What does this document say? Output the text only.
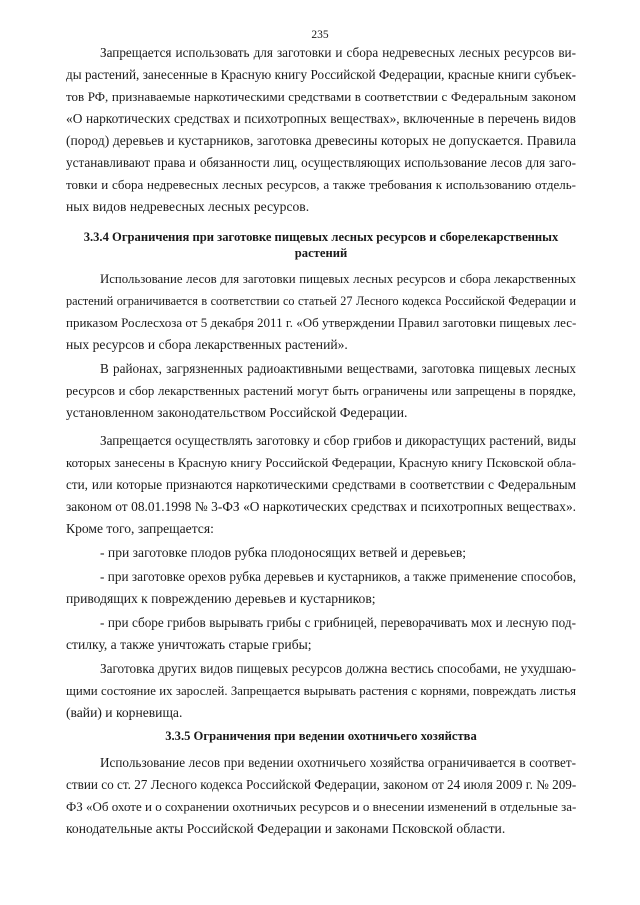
235
Запрещается использовать для заготовки и сбора недревесных лесных ресурсов ви-
ды растений, занесенные в Красную книгу Российской Федерации, красные книги субъек-
тов РФ, признаваемые наркотическими средствами в соответствии с Федеральным законом
«О наркотических средствах и психотропных веществах», включенные в перечень видов
(пород) деревьев и кустарников, заготовка древесины которых не допускается. Правила
устанавливают права и обязанности лиц, осуществляющих использование лесов для заго-
товки и сбора недревесных лесных ресурсов, а также требования к использованию отдель-
ных видов недревесных лесных ресурсов.
3.3.4 Ограничения при заготовке пищевых лесных ресурсов и сборелекарственных
растений
Использование лесов для заготовки пищевых лесных ресурсов и сбора лекарственных
растений ограничивается в соответствии со статьей 27 Лесного кодекса Российской Федерации и
приказом Рослесхоза от 5 декабря 2011 г. «Об утверждении Правил заготовки пищевых лес-
ных ресурсов и сбора лекарственных растений».
В районах, загрязненных радиоактивными веществами, заготовка пищевых лесных
ресурсов и сбор лекарственных растений могут быть ограничены или запрещены в порядке,
установленном законодательством Российской Федерации.
Запрещается осуществлять заготовку и сбор грибов и дикорастущих растений, виды
которых занесены в Красную книгу Российской Федерации, Красную книгу Псковской обла-
сти, или которые признаются наркотическими средствами в соответствии с Федеральным
законом от 08.01.1998 № 3-ФЗ «О наркотических средствах и психотропных веществах».
Кроме того, запрещается:
- при заготовке плодов рубка плодоносящих ветвей и деревьев;
- при заготовке орехов рубка деревьев и кустарников, а также применение способов,
приводящих к повреждению деревьев и кустарников;
- при сборе грибов вырывать грибы с грибницей, переворачивать мох и лесную под-
стилку, а также уничтожать старые грибы;
Заготовка других видов пищевых ресурсов должна вестись способами, не ухудшаю-
щими состояние их зарослей. Запрещается вырывать растения с корнями, повреждать листья
(вайи) и корневища.
3.3.5 Ограничения при ведении охотничьего хозяйства
Использование лесов при ведении охотничьего хозяйства ограничивается в соответ-
ствии со ст. 27 Лесного кодекса Российской Федерации, законом от 24 июля 2009 г. № 209-
ФЗ «Об охоте и о сохранении охотничьих ресурсов и о внесении изменений в отдельные за-
конодательные акты Российской Федерации и законами Псковской области.
